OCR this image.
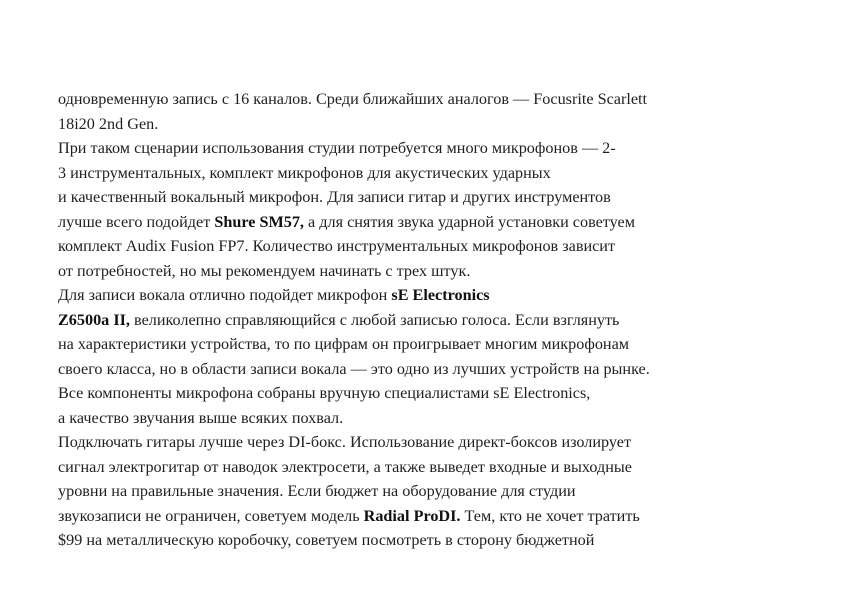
одновременную запись с 16 каналов. Среди ближайших аналогов — Focusrite Scarlett
18i20 2nd Gen.
При таком сценарии использования студии потребуется много микрофонов — 2-
3 инструментальных, комплект микрофонов для акустических ударных
и качественный вокальный микрофон. Для записи гитар и других инструментов
лучше всего подойдет Shure SM57, а для снятия звука ударной установки советуем
комплект Audix Fusion FP7. Количество инструментальных микрофонов зависит
от потребностей, но мы рекомендуем начинать с трех штук.
Для записи вокала отлично подойдет микрофон sE Electronics
Z6500a II, великолепно справляющийся с любой записью голоса. Если взглянуть
на характеристики устройства, то по цифрам он проигрывает многим микрофонам
своего класса, но в области записи вокала — это одно из лучших устройств на рынке.
Все компоненты микрофона собраны вручную специалистами sE Electronics,
а качество звучания выше всяких похвал.
Подключать гитары лучше через DI-бокс. Использование директ-боксов изолирует
сигнал электрогитар от наводок электросети, а также выведет входные и выходные
уровни на правильные значения. Если бюджет на оборудование для студии
звукозаписи не ограничен, советуем модель Radial ProDI. Тем, кто не хочет тратить
$99 на металлическую коробочку, советуем посмотреть в сторону бюджетной
